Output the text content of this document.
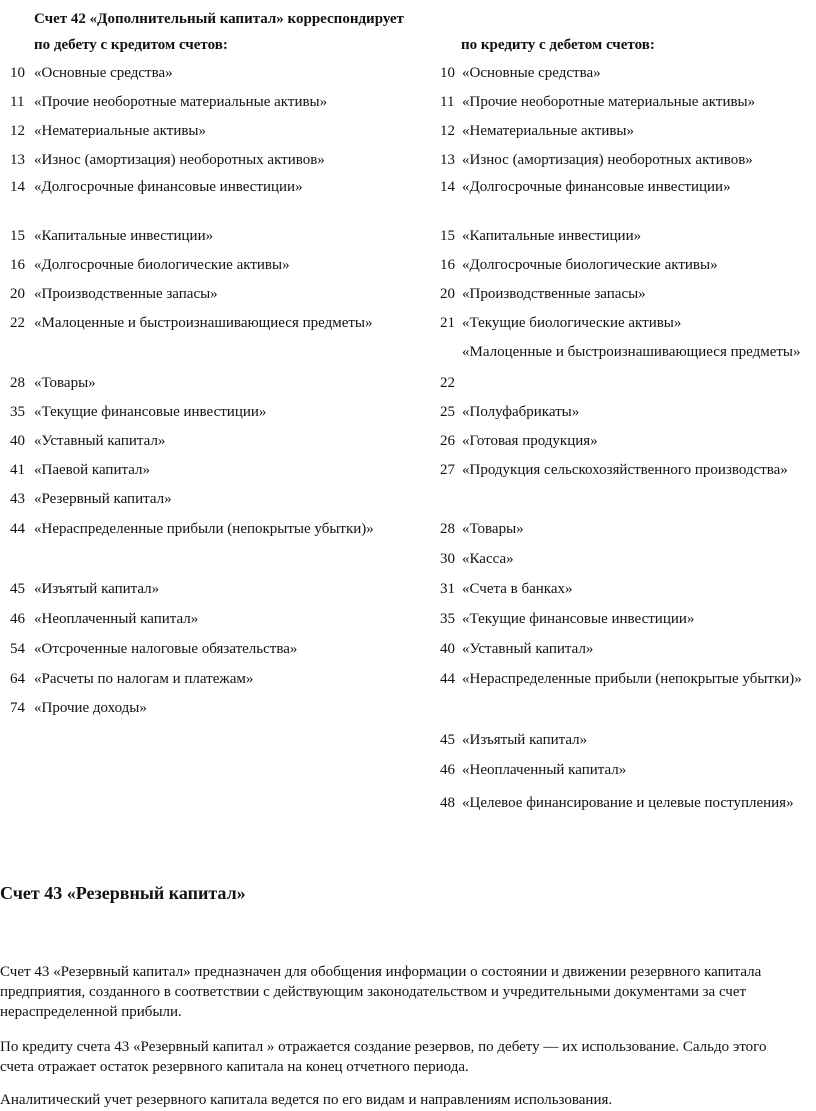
Счет 42 «Дополнительный капитал» корреспондирует
по дебету с кредитом счетов:	по кредиту с дебетом счетов:
10 «Основные средства»
11 «Прочие необоротные материальные активы»
12 «Нематериальные активы»
13 «Износ (амортизация) необоротных активов»
14 «Долгосрочные финансовые инвестиции»
15 «Капитальные инвестиции»
16 «Долгосрочные биологические активы»
20 «Производственные запасы»
22 «Малоценные и быстроизнашивающиеся предметы»
28 «Товары»
35 «Текущие финансовые инвестиции»
40 «Уставный капитал»
41 «Паевой капитал»
43 «Резервный капитал»
44 «Нераспределенные прибыли (непокрытые убытки)»
45 «Изъятый капитал»
46 «Неоплаченный капитал»
54 «Отсроченные налоговые обязательства»
64 «Расчеты по налогам и платежам»
74 «Прочие доходы»
10 «Основные средства»
11 «Прочие необоротные материальные активы»
12 «Нематериальные активы»
13 «Износ (амортизация) необоротных активов»
14 «Долгосрочные финансовые инвестиции»
15 «Капитальные инвестиции»
16 «Долгосрочные биологические активы»
20 «Производственные запасы»
21 «Текущие биологические активы»
«Малоценные и быстроизнашивающиеся предметы»
22
25 «Полуфабрикаты»
26 «Готовая продукция»
27 «Продукция сельскохозяйственного производства»
28 «Товары»
30 «Касса»
31 «Счета в банках»
35 «Текущие финансовые инвестиции»
40 «Уставный капитал»
44 «Нераспределенные прибыли (непокрытые убытки)»
45 «Изъятый капитал»
46 «Неоплаченный капитал»
48 «Целевое финансирование и целевые поступления»
Счет 43 «Резервный капитал»

Счет 43 «Резервный капитал» предназначен для обобщения информации о состоянии и движении резервного капитала предприятия, созданного в соответствии с действующим законодательством и учредительными документами за счет нераспределенной прибыли.

По кредиту счета 43 «Резервный капитал » отражается создание резервов, по дебету — их использование. Сальдо этого счета отражает остаток резервного капитала на конец отчетного периода.

Аналитический учет резервного капитала ведется по его видам и направлениям использования.
